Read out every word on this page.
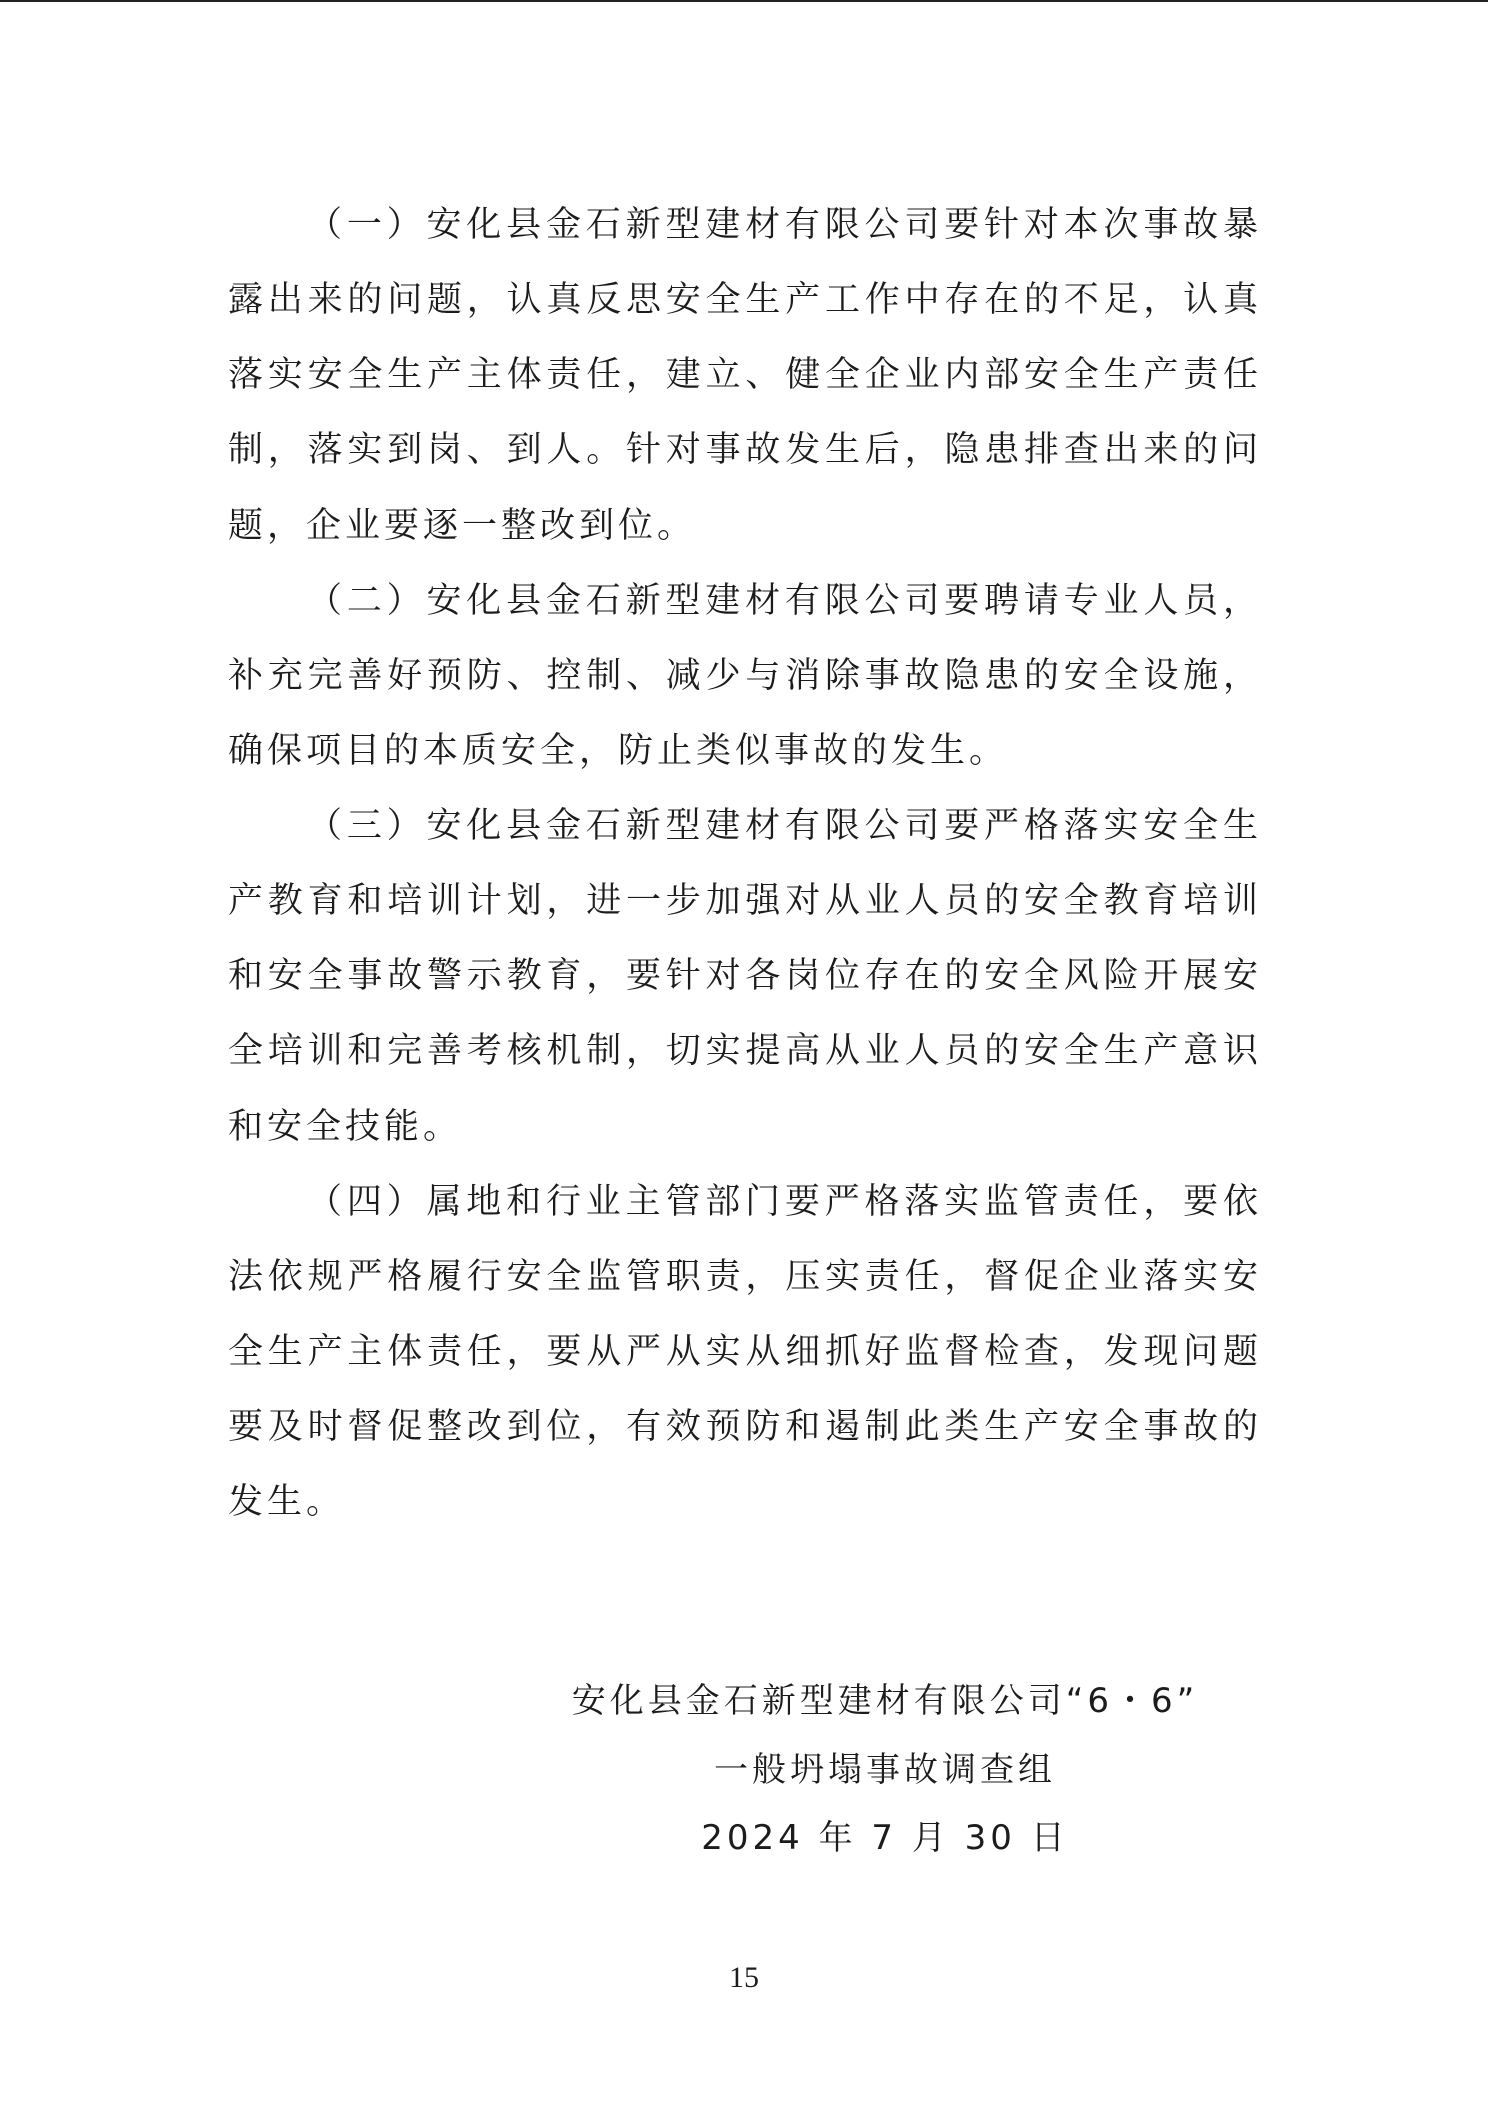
（一）安化县金石新型建材有限公司要针对本次事故暴
露出来的问题，认真反思安全生产工作中存在的不足，认真
落实安全生产主体责任，建立、健全企业内部安全生产责任
制，落实到岗、到人。针对事故发生后，隐患排查出来的问
题，企业要逐一整改到位。
（二）安化县金石新型建材有限公司要聘请专业人员，
补充完善好预防、控制、减少与消除事故隐患的安全设施，
确保项目的本质安全，防止类似事故的发生。
（三）安化县金石新型建材有限公司要严格落实安全生
产教育和培训计划，进一步加强对从业人员的安全教育培训
和安全事故警示教育，要针对各岗位存在的安全风险开展安
全培训和完善考核机制，切实提高从业人员的安全生产意识
和安全技能。
（四）属地和行业主管部门要严格落实监管责任，要依
法依规严格履行安全监管职责，压实责任，督促企业落实安
全生产主体责任，要从严从实从细抓好监督检查，发现问题
要及时督促整改到位，有效预防和遏制此类生产安全事故的
发生。
安化县金石新型建材有限公司“6・6”
一般坍塌事故调查组
2024 年 7 月 30 日
15
